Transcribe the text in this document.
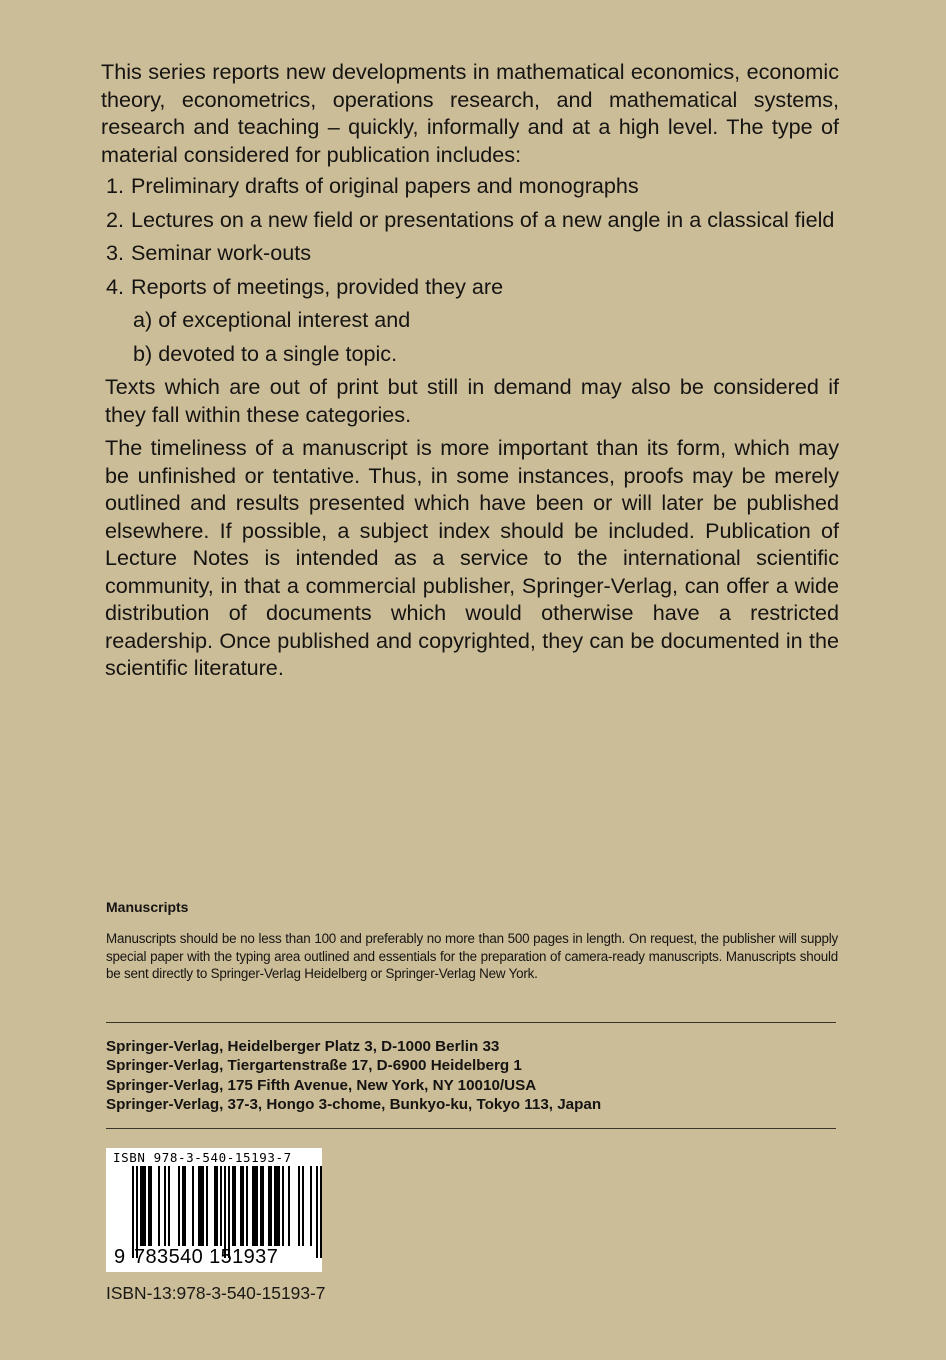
This series reports new developments in mathematical economics, economic theory, econometrics, operations research, and mathematical systems, research and teaching – quickly, informally and at a high level. The type of material considered for publication includes:

1. Preliminary drafts of original papers and monographs
2. Lectures on a new field or presentations of a new angle in a classical field
3. Seminar work-outs
4. Reports of meetings, provided they are
a) of exceptional interest and
b) devoted to a single topic.

Texts which are out of print but still in demand may also be considered if they fall within these categories.

The timeliness of a manuscript is more important than its form, which may be unfinished or tentative. Thus, in some instances, proofs may be merely outlined and results presented which have been or will later be published elsewhere. If possible, a subject index should be included. Publication of Lecture Notes is intended as a service to the international scientific community, in that a commercial publisher, Springer-Verlag, can offer a wide distribution of documents which would otherwise have a restricted readership. Once published and copyrighted, they can be documented in the scientific literature.

Manuscripts

Manuscripts should be no less than 100 and preferably no more than 500 pages in length. On request, the publisher will supply special paper with the typing area outlined and essentials for the preparation of camera-ready manuscripts. Manuscripts should be sent directly to Springer-Verlag Heidelberg or Springer-Verlag New York.

Springer-Verlag, Heidelberger Platz 3, D-1000 Berlin 33
Springer-Verlag, Tiergartenstraße 17, D-6900 Heidelberg 1
Springer-Verlag, 175 Fifth Avenue, New York, NY 10010/USA
Springer-Verlag, 37-3, Hongo 3-chome, Bunkyo-ku, Tokyo 113, Japan
ISBN 978-3-540-15193-7
9 783540 151937
ISBN-13:978-3-540-15193-7
